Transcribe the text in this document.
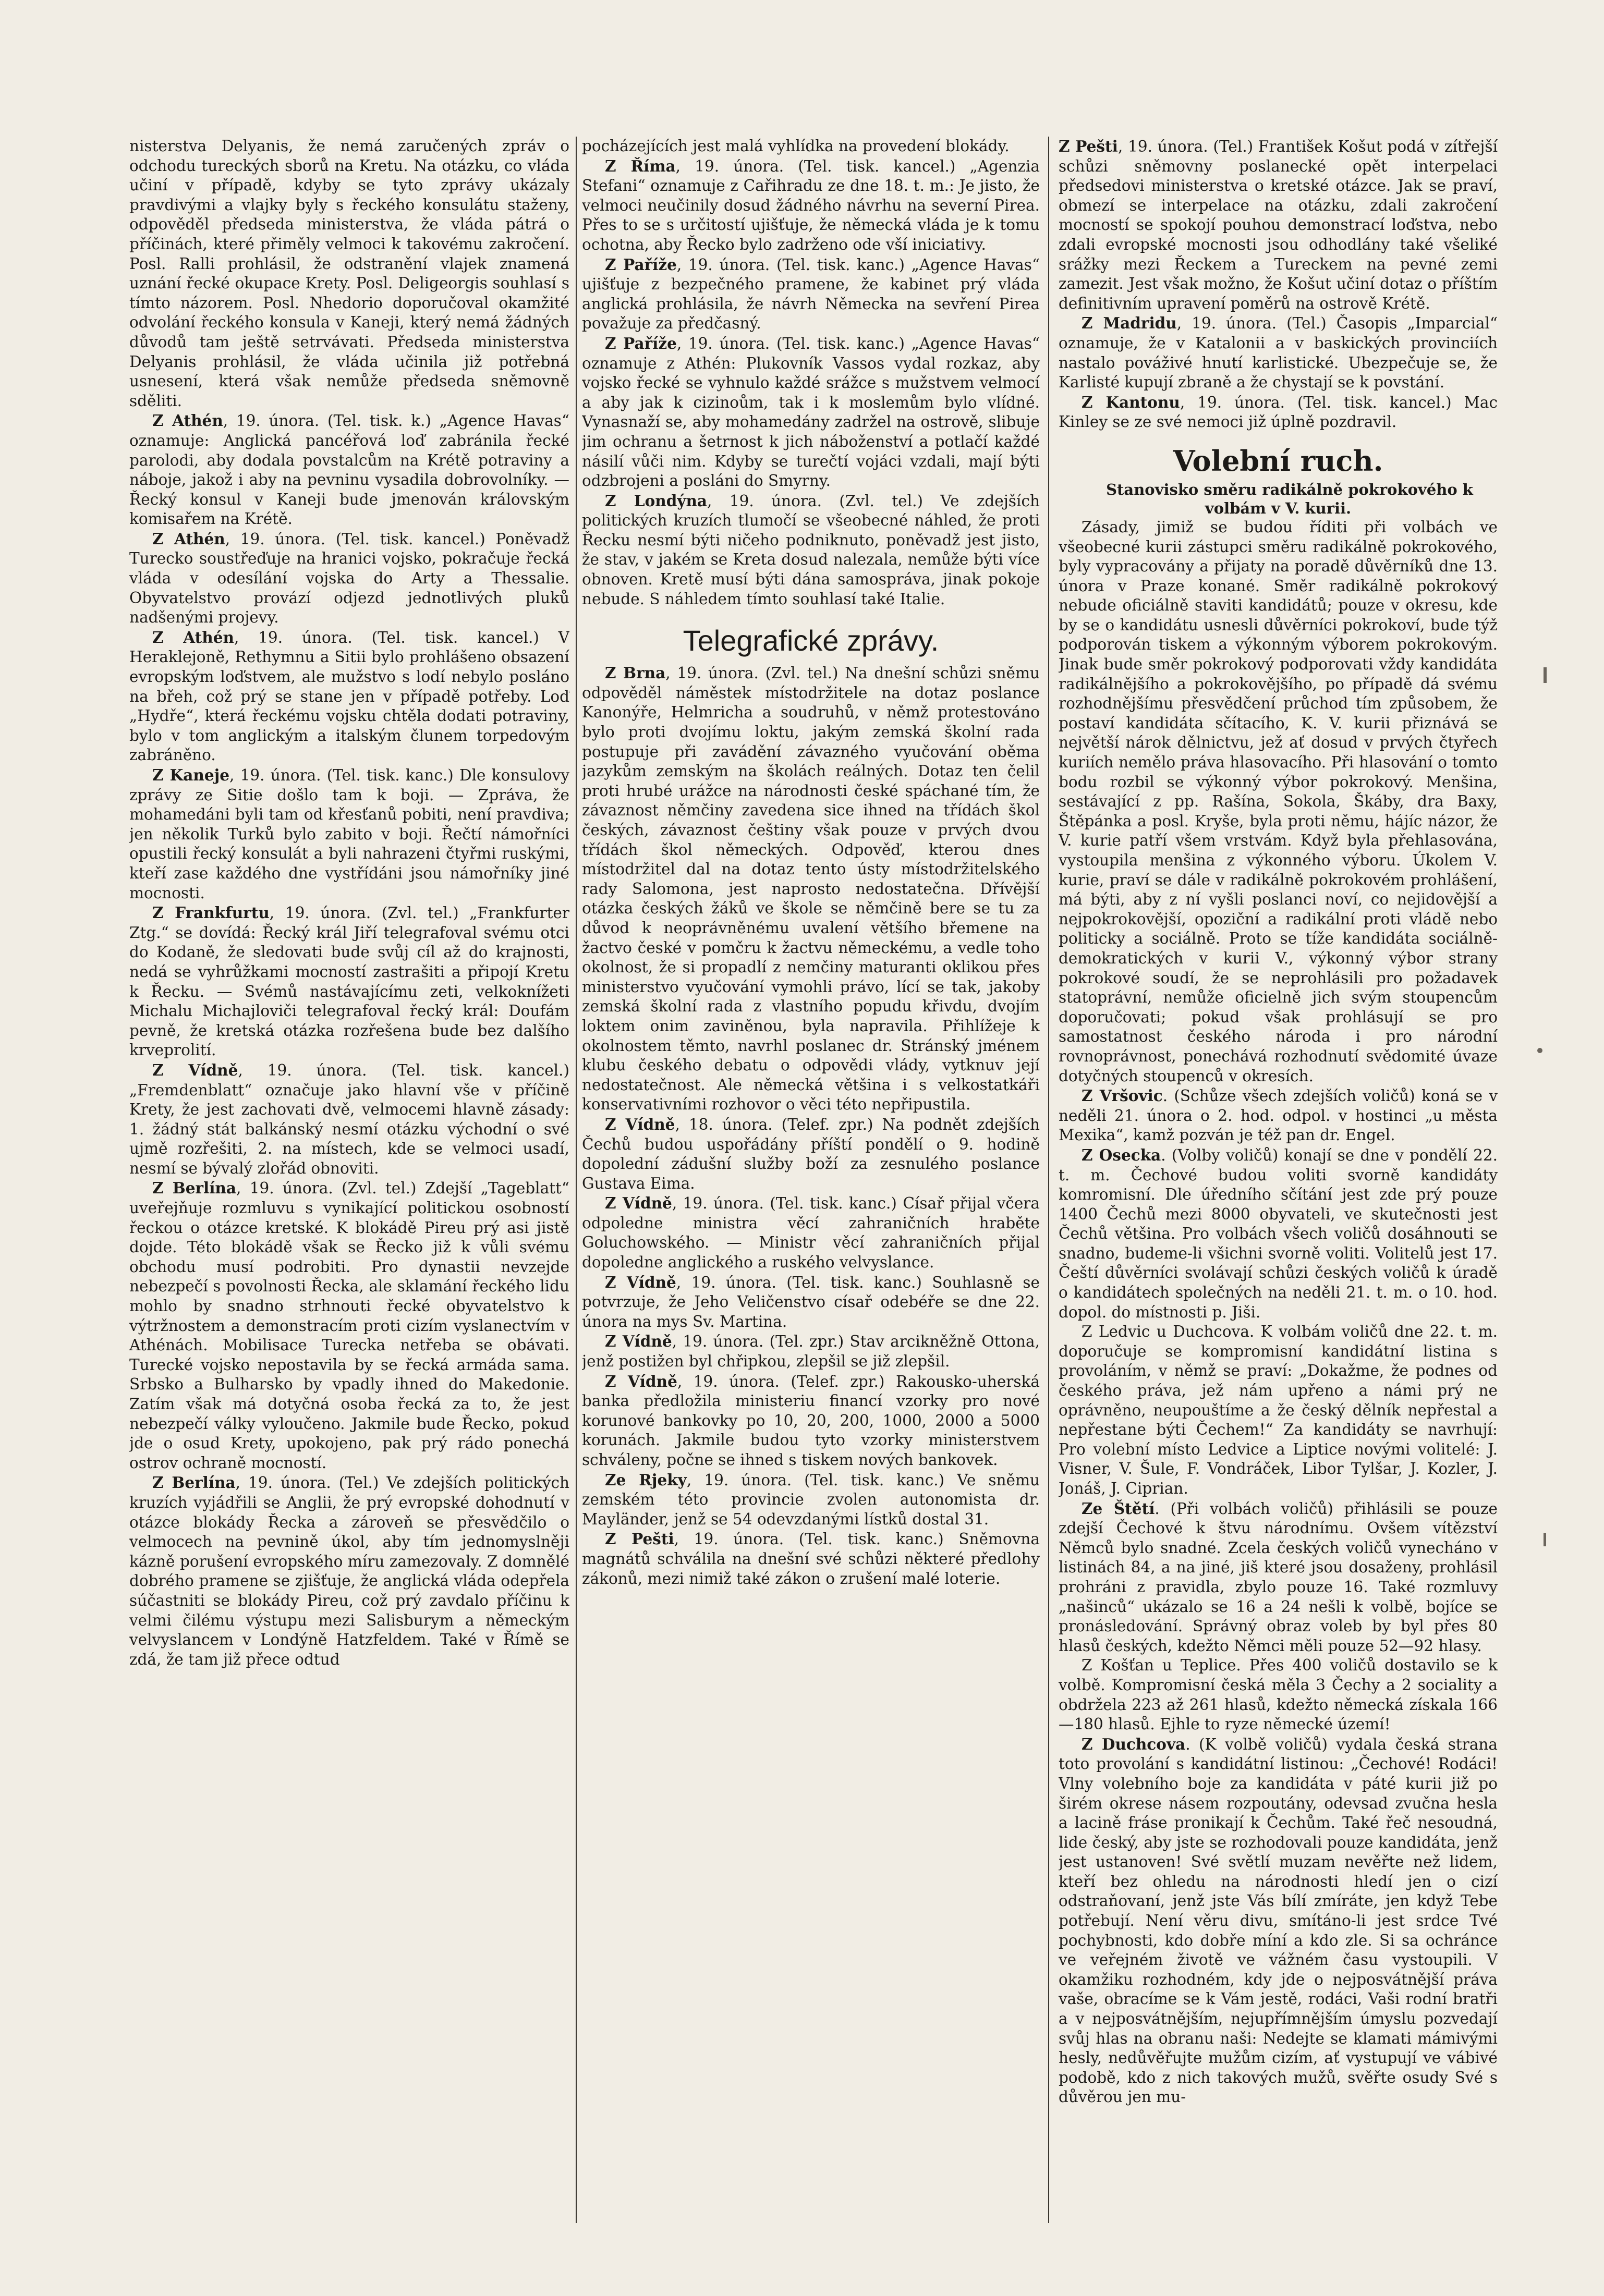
nisterstva Delyanis, že nemá zaručených zpráv o odchodu tureckých sborů na Kretu. Na otázku, co vláda učiní v případě, kdyby se tyto zprávy ukázaly pravdivými a vlajky byly s řeckého konsulátu staženy, odpověděl předseda ministerstva, že vláda pátrá o příčinách, které přiměly velmoci k takovému zakročení. Posl. Ralli prohlásil, že odstranění vlajek znamená uznání řecké okupace Krety. Posl. Deligeorgis souhlasí s tímto názorem. Posl. Nhedorio doporučoval okamžité odvolání řeckého konsula v Kaneji, který nemá žádných důvodů tam ještě setrvávati. Předseda ministerstva Delyanis prohlásil, že vláda učinila již potřebná usnesení, která však nemůže předseda sněmovně sděliti.

Z Athén, 19. února. (Tel. tisk. k.) „Agence Havas“ oznamuje: Anglická pancéřová loď zabránila řecké parolodi, aby dodala povstalcům na Krétě potraviny a náboje, jakož i aby na pevninu vysadila dobrovolníky. — Řecký konsul v Kaneji bude jmenován královským komisařem na Krétě.

Z Athén, 19. února. (Tel. tisk. kancel.) Poněvadž Turecko soustřeďuje na hranici vojsko, pokračuje řecká vláda v odesílání vojska do Arty a Thessalie. Obyvatelstvo provází odjezd jednotlivých pluků nadšenými projevy.

Z Athén, 19. února. (Tel. tisk. kancel.) V Heraklejoně, Rethymnu a Sitii bylo prohlášeno obsazení evropským loďstvem, ale mužstvo s lodí nebylo posláno na břeh, což prý se stane jen v případě potřeby. Loď „Hydře“, která řeckému vojsku chtěla dodati potraviny, bylo v tom anglickým a italským člunem torpedovým zabráněno.

Z Kaneje, 19. února. (Tel. tisk. kanc.) Dle konsulovy zprávy ze Sitie došlo tam k boji. — Zpráva, že mohamedáni byli tam od křesťanů pobiti, není pravdiva; jen několik Turků bylo zabito v boji. Řečtí námořníci opustili řecký konsulát a byli nahrazeni čtyřmi ruskými, kteří zase každého dne vystřídáni jsou námořníky jiné mocnosti.

Z Frankfurtu, 19. února. (Zvl. tel.) „Frankfurter Ztg.“ se dovídá: Řecký král Jiří telegrafoval svému otci do Kodaně, že sledovati bude svůj cíl až do krajnosti, nedá se vyhrůžkami mocností zastrašiti a připojí Kretu k Řecku. — Svémů nastávajícímu zeti, velkoknížeti Michalu Michajloviči telegrafoval řecký král: Doufám pevně, že kretská otázka rozřešena bude bez dalšího krveprolití.

Z Vídně, 19. února. (Tel. tisk. kancel.) „Fremdenblatt“ označuje jako hlavní vše v příčině Krety, že jest zachovati dvě, velmocemi hlavně zásady: 1. žádný stát balkánský nesmí otázku východní o své ujmě rozřešiti, 2. na místech, kde se velmoci usadí, nesmí se bývalý zlořád obnoviti.

Z Berlína, 19. února. (Zvl. tel.) Zdejší „Tageblatt“ uveřejňuje rozmluvu s vynikající politickou osobností řeckou o otázce kretské. K blokádě Pireu prý asi jistě dojde. Této blokádě však se Řecko již k vůli svému obchodu musí podrobiti. Pro dynastii nevzejde nebezpečí s povolnosti Řecka, ale sklamání řeckého lidu mohlo by snadno strhnouti řecké obyvatelstvo k výtržnostem a demonstracím proti cizím vyslanectvím v Athénách. Mobilisace Turecka netřeba se obávati. Turecké vojsko nepostavila by se řecká armáda sama. Srbsko a Bulharsko by vpadly ihned do Makedonie. Zatím však má dotyčná osoba řecká za to, že jest nebezpečí války vyloučeno. Jakmile bude Řecko, pokud jde o osud Krety, upokojeno, pak prý rádo ponechá ostrov ochraně mocností.

Z Berlína, 19. února. (Tel.) Ve zdejších politických kruzích vyjádřili se Anglii, že prý evropské dohodnutí v otázce blokády Řecka a zároveň se přesvědčilo o velmocech na pevnině úkol, aby tím jednomyslněji kázně porušení evropského míru zamezovaly. Z domnělé dobrého pramene se zjišťuje, že anglická vláda odepřela súčastniti se blokády Pireu, což prý zavdalo příčinu k velmi čilému výstupu mezi Salisburym a německým velvyslancem v Londýně Hatzfeldem. Také v Římě se zdá, že tam již přece odtud

pocházejících jest malá vyhlídka na provedení blokády.

Z Říma, 19. února. (Tel. tisk. kancel.) „Agenzia Stefani“ oznamuje z Cařihradu ze dne 18. t. m.: Je jisto, že velmoci neučinily dosud žádného návrhu na severní Pirea. Přes to se s určitostí ujišťuje, že německá vláda je k tomu ochotna, aby Řecko bylo zadrženo ode vší iniciativy.

Z Paříže, 19. února. (Tel. tisk. kanc.) „Agence Havas“ ujišťuje z bezpečného pramene, že kabinet prý vláda anglická prohlásila, že návrh Německa na sevření Pirea považuje za předčasný.

Z Paříže, 19. února. (Tel. tisk. kanc.) „Agence Havas“ oznamuje z Athén: Plukovník Vassos vydal rozkaz, aby vojsko řecké se vyhnulo každé srážce s mužstvem velmocí a aby jak k cizinoům, tak i k moslemům bylo vlídné. Vynasnaží se, aby mohamedány zadržel na ostrově, slibuje jim ochranu a šetrnost k jich náboženství a potlačí každé násilí vůči nim. Kdyby se turečtí vojáci vzdali, mají býti odzbrojeni a posláni do Smyrny.

Z Londýna, 19. února. (Zvl. tel.) Ve zdejších politických kruzích tlumočí se všeobecné náhled, že proti Řecku nesmí býti ničeho podniknuto, poněvadž jest jisto, že stav, v jakém se Kreta dosud nalezala, nemůže býti více obnoven. Kretě musí býti dána samospráva, jinak pokoje nebude. S náhledem tímto souhlasí také Italie.

Telegrafické zprávy.

Z Brna, 19. února. (Zvl. tel.) Na dnešní schůzi sněmu odpověděl náměstek místodržitele na dotaz poslance Kanonýře, Helmricha a soudruhů, v němž protestováno bylo proti dvojímu loktu, jakým zemská školní rada postupuje při zavádění závazného vyučování oběma jazykům zemským na školách reálných. Dotaz ten čelil proti hrubé urážce na národnosti české spáchané tím, že závaznost němčiny zavedena sice ihned na třídách škol českých, závaznost češtiny však pouze v prvých dvou třídách škol německých. Odpověď, kterou dnes místodržitel dal na dotaz tento ústy místodržitelského rady Salomona, jest naprosto nedostatečna. Dřívější otázka českých žáků ve škole se němčině bere se tu za důvod k neoprávněnému uvalení většího břemene na žactvo české v pomčru k žactvu německému, a vedle toho okolnost, že si propadlí z nemčiny maturanti oklikou přes ministerstvo vyučování vymohli právo, lící se tak, jakoby zemská školní rada z vlastního popudu křivdu, dvojím loktem onim zaviněnou, byla napravila. Přihlížeje k okolnostem těmto, navrhl poslanec dr. Stránský jménem klubu českého debatu o odpovědi vlády, vytknuv její nedostatečnost. Ale německá většina i s velkostatkáři konservativními rozhovor o věci této nepřipustila.

Z Vídně, 18. února. (Telef. zpr.) Na podnět zdejších Čechů budou uspořádány příští pondělí o 9. hodině dopolední zádušní služby boží za zesnulého poslance Gustava Eima.

Z Vídně, 19. února. (Tel. tisk. kanc.) Císař přijal včera odpoledne ministra věcí zahraničních hraběte Goluchowského. — Ministr věcí zahraničních přijal dopoledne anglického a ruského velvyslance.

Z Vídně, 19. února. (Tel. tisk. kanc.) Souhlasně se potvrzuje, že Jeho Veličenstvo císař odebéře se dne 22. února na mys Sv. Martina.

Z Vídně, 19. února. (Tel. zpr.) Stav arcikněžně Ottona, jenž postižen byl chřipkou, zlepšil se již zlepšil.

Z Vídně, 19. února. (Telef. zpr.) Rakousko-uherská banka předložila ministeriu financí vzorky pro nové korunové bankovky po 10, 20, 200, 1000, 2000 a 5000 korunách. Jakmile budou tyto vzorky ministerstvem schváleny, počne se ihned s tiskem nových bankovek.

Ze Rjeky, 19. února. (Tel. tisk. kanc.) Ve sněmu zemském této provincie zvolen autonomista dr. Mayländer, jenž se 54 odevzdanými lístků dostal 31.

Z Pešti, 19. února. (Tel. tisk. kanc.) Sněmovna magnátů schválila na dnešní své schůzi některé předlohy zákonů, mezi nimiž také zákon o zrušení malé loterie.

Z Pešti, 19. února. (Tel.) František Košut podá v zítřejší schůzi sněmovny poslanecké opět interpelaci předsedovi ministerstva o kretské otázce. Jak se praví, obmezí se interpelace na otázku, zdali zakročení mocností se spokojí pouhou demonstrací loďstva, nebo zdali evropské mocnosti jsou odhodlány také všeliké srážky mezi Řeckem a Tureckem na pevné zemi zamezit. Jest však možno, že Košut učiní dotaz o příštím definitivním upravení poměrů na ostrově Krétě.

Z Madridu, 19. února. (Tel.) Časopis „Imparcial“ oznamuje, že v Katalonii a v baskických provinciích nastalo pováživé hnutí karlistické. Ubezpečuje se, že Karlisté kupují zbraně a že chystají se k povstání.

Z Kantonu, 19. února. (Tel. tisk. kancel.) Mac Kinley se ze své nemoci již úplně pozdravil.

Volební ruch.

Stanovisko směru radikálně pokrokového k volbám v V. kurii.

Zásady, jimiž se budou říditi při volbách ve všeobecné kurii zástupci směru radikálně pokrokového, byly vypracovány a přijaty na poradě důvěrníků dne 13. února v Praze konané. Směr radikálně pokrokový nebude oficiálně staviti kandidátů; pouze v okresu, kde by se o kandidátu usnesli důvěrníci pokrokoví, bude týž podporován tiskem a výkonným výborem pokrokovým. Jinak bude směr pokrokový podporovati vždy kandidáta radikálnějšího a pokrokovějšího, po případě dá svému rozhodnějšímu přesvědčení průchod tím způsobem, že postaví kandidáta sčítacího, K. V. kurii přiznává se největší nárok dělnictvu, jež ať dosud v prvých čtyřech kuriích nemělo práva hlasovacího. Při hlasování o tomto bodu rozbil se výkonný výbor pokrokový. Menšina, sestávající z pp. Rašína, Sokola, Škáby, dra Baxy, Štěpánka a posl. Kryše, byla proti němu, hájíc názor, že V. kurie patří všem vrstvám. Když byla přehlasována, vystoupila menšina z výkonného výboru. Úkolem V. kurie, praví se dále v radikálně pokrokovém prohlášení, má býti, aby z ní vyšli poslanci noví, co nejidovější a nejpokrokovější, opoziční a radikální proti vládě nebo politicky a sociálně. Proto se tíže kandidáta sociálně-demokratických v kurii V., výkonný výbor strany pokrokové soudí, že se neprohlásili pro požadavek statoprávní, nemůže oficielně jich svým stoupencům doporučovati; pokud však prohlásují se pro samostatnost českého národa i pro národní rovnoprávnost, ponechává rozhodnutí svědomité úvaze dotyčných stoupenců v okresích.

Z Vršovic. (Schůze všech zdejších voličů) koná se v neděli 21. února o 2. hod. odpol. v hostinci „u města Mexika“, kamž pozván je též pan dr. Engel.

Z Osecka. (Volby voličů) konají se dne v pondělí 22. t. m. Čechové budou voliti svorně kandidáty komromisní. Dle úředního sčítání jest zde prý pouze 1400 Čechů mezi 8000 obyvateli, ve skutečnosti jest Čechů většina. Pro volbách všech voličů dosáhnouti se snadno, budeme-li všichni svorně voliti. Volitelů jest 17. Čeští důvěrníci svolávají schůzi českých voličů k úradě o kandidátech společných na neděli 21. t. m. o 10. hod. dopol. do místnosti p. Jiši.

Z Ledvic u Duchcova. K volbám voličů dne 22. t. m. doporučuje se kompromisní kandidátní listina s provoláním, v němž se praví: „Dokažme, že podnes od českého práva, jež nám upřeno a námi prý ne oprávněno, neupouštíme a že český dělník nepřestal a nepřestane býti Čechem!“ Za kandidáty se navrhují: Pro volební místo Ledvice a Liptice novými volitelé: J. Visner, V. Šule, F. Vondráček, Libor Tylšar, J. Kozler, J. Jonáš, J. Ciprian.

Ze Štětí. (Při volbách voličů) přihlásili se pouze zdejší Čechové k štvu národnímu. Ovšem vítězství Němců bylo snadné. Zcela českých voličů vynecháno v listinách 84, a na jiné, jiš které jsou dosaženy, prohlásil prohráni z pravidla, zbylo pouze 16. Také rozmluvy „našinců“ ukázalo se 16 a 24 nešli k volbě, bojíce se pronásledování. Správný obraz voleb by byl přes 80 hlasů českých, kdežto Němci měli pouze 52—92 hlasy.

Z Košťan u Teplice. Přes 400 voličů dostavilo se k volbě. Kompromisní česká měla 3 Čechy a 2 sociality a obdržela 223 až 261 hlasů, kdežto německá získala 166—180 hlasů. Ejhle to ryze německé území!

Z Duchcova. (K volbě voličů) vydala česká strana toto provolání s kandidátní listinou: „Čechové! Rodáci! Vlny volebního boje za kandidáta v páté kurii již po širém okrese násem rozpoutány, odevsad zvučna hesla a lacině fráse pronikají k Čechům. Také řeč nesoudná, lide český, aby jste se rozhodovali pouze kandidáta, jenž jest ustanoven! Své světlí muzam nevěřte než lidem, kteří bez ohledu na národnosti hledí jen o cizí odstraňovaní, jenž jste Vás bílí zmíráte, jen když Tebe potřebují. Není věru divu, smítáno-li jest srdce Tvé pochybnosti, kdo dobře míní a kdo zle. Si sa ochránce ve veřejném životě ve vážném času vystoupili. V okamžiku rozhodném, kdy jde o nejposvátnější práva vaše, obracíme se k Vám jestě, rodáci, Vaši rodní bratři a v nejposvátnějším, nejupřímnějším úmyslu pozvedají svůj hlas na obranu naši: Nedejte se klamati mámivými hesly, nedůvěřujte mužům cizím, ať vystupují ve vábivé podobě, kdo z nich takových mužů, svěřte osudy Své s důvěrou jen mu-
